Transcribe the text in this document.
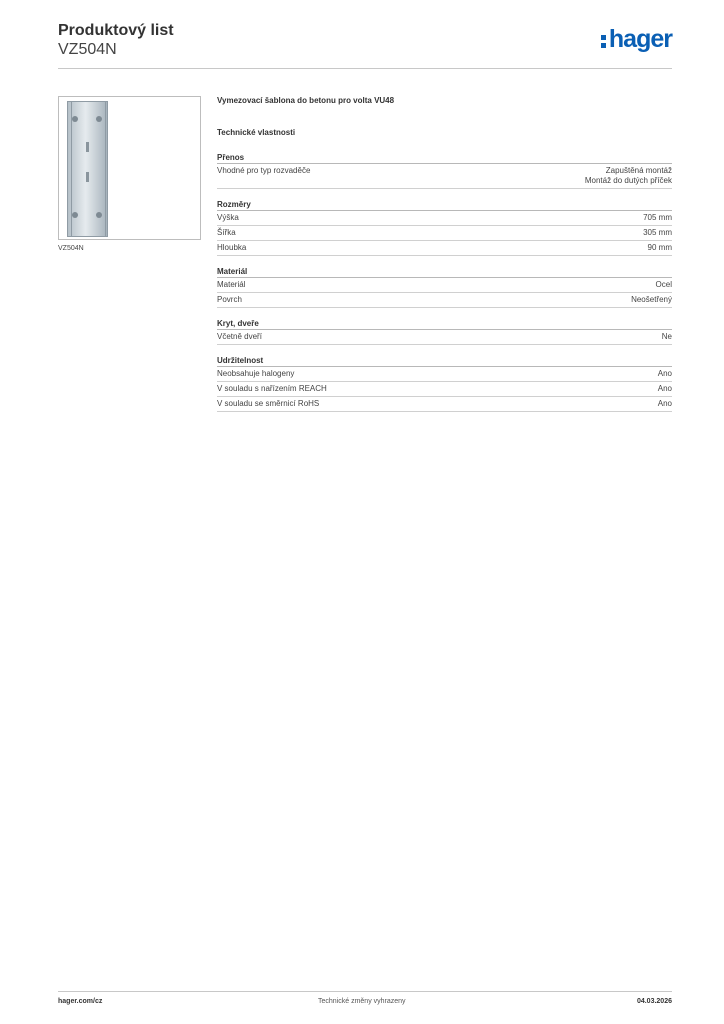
Produktový list
VZ504N	hager
VZ504N
Vymezovací šablona do betonu pro volta VU48
Technické vlastnosti
Přenos
Vhodné pro typ rozvaděče	Zapuštěná montáž
Montáž do dutých příček
Rozměry
Výška	705 mm
Šířka	305 mm
Hloubka	90 mm
Materiál
Materiál	Ocel
Povrch	Neošetřený
Kryt, dveře
Včetně dveří	Ne
Udržitelnost
Neobsahuje halogeny	Ano
V souladu s nařízením REACH	Ano
V souladu se směrnicí RoHS	Ano
hager.com/cz	Technické změny vyhrazeny	04.03.2026
